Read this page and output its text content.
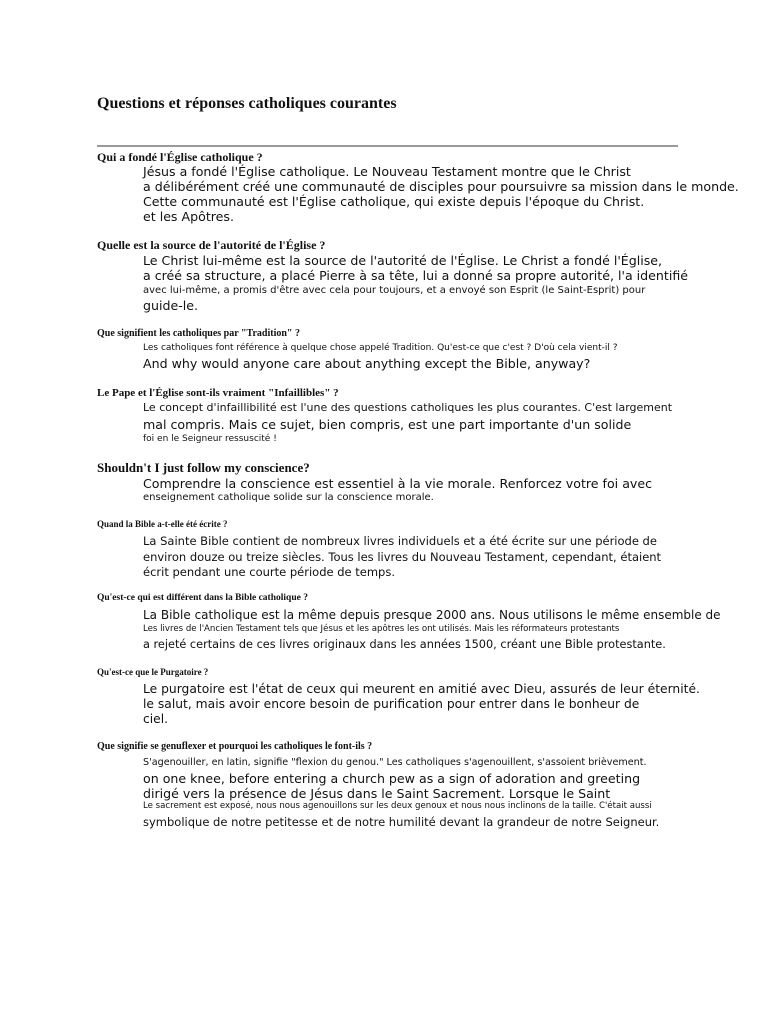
Questions et réponses catholiques courantes
Qui a fondé l'Église catholique ?
Jésus a fondé l'Église catholique. Le Nouveau Testament montre que le Christ
a délibérément créé une communauté de disciples pour poursuivre sa mission dans le monde.
Cette communauté est l'Église catholique, qui existe depuis l'époque du Christ.
et les Apôtres.
Quelle est la source de l'autorité de l'Église ?
Le Christ lui-même est la source de l'autorité de l'Église. Le Christ a fondé l'Église,
a créé sa structure, a placé Pierre à sa tête, lui a donné sa propre autorité, l'a identifié
avec lui-même, a promis d'être avec cela pour toujours, et a envoyé son Esprit (le Saint-Esprit) pour
guide-le.
Que signifient les catholiques par "Tradition" ?
Les catholiques font référence à quelque chose appelé Tradition. Qu'est-ce que c'est ? D'où cela vient-il ?
And why would anyone care about anything except the Bible, anyway?
Le Pape et l'Église sont-ils vraiment "Infaillibles" ?
Le concept d'infaillibilité est l'une des questions catholiques les plus courantes. C'est largement
mal compris. Mais ce sujet, bien compris, est une part importante d'un solide
foi en le Seigneur ressuscité !
Shouldn't I just follow my conscience?
Comprendre la conscience est essentiel à la vie morale. Renforcez votre foi avec
enseignement catholique solide sur la conscience morale.
Quand la Bible a-t-elle été écrite ?
La Sainte Bible contient de nombreux livres individuels et a été écrite sur une période de
environ douze ou treize siècles. Tous les livres du Nouveau Testament, cependant, étaient
écrit pendant une courte période de temps.
Qu'est-ce qui est différent dans la Bible catholique ?
La Bible catholique est la même depuis presque 2000 ans. Nous utilisons le même ensemble de
Les livres de l'Ancien Testament tels que Jésus et les apôtres les ont utilisés. Mais les réformateurs protestants
a rejeté certains de ces livres originaux dans les années 1500, créant une Bible protestante.
Qu'est-ce que le Purgatoire ?
Le purgatoire est l'état de ceux qui meurent en amitié avec Dieu, assurés de leur éternité.
le salut, mais avoir encore besoin de purification pour entrer dans le bonheur de
ciel.
Que signifie se genuflexer et pourquoi les catholiques le font-ils ?
S'agenouiller, en latin, signifie "flexion du genou." Les catholiques s'agenouillent, s'assoient brièvement.
on one knee, before entering a church pew as a sign of adoration and greeting
dirigé vers la présence de Jésus dans le Saint Sacrement. Lorsque le Saint
Le sacrement est exposé, nous nous agenouillons sur les deux genoux et nous nous inclinons de la taille. C'était aussi
symbolique de notre petitesse et de notre humilité devant la grandeur de notre Seigneur.
